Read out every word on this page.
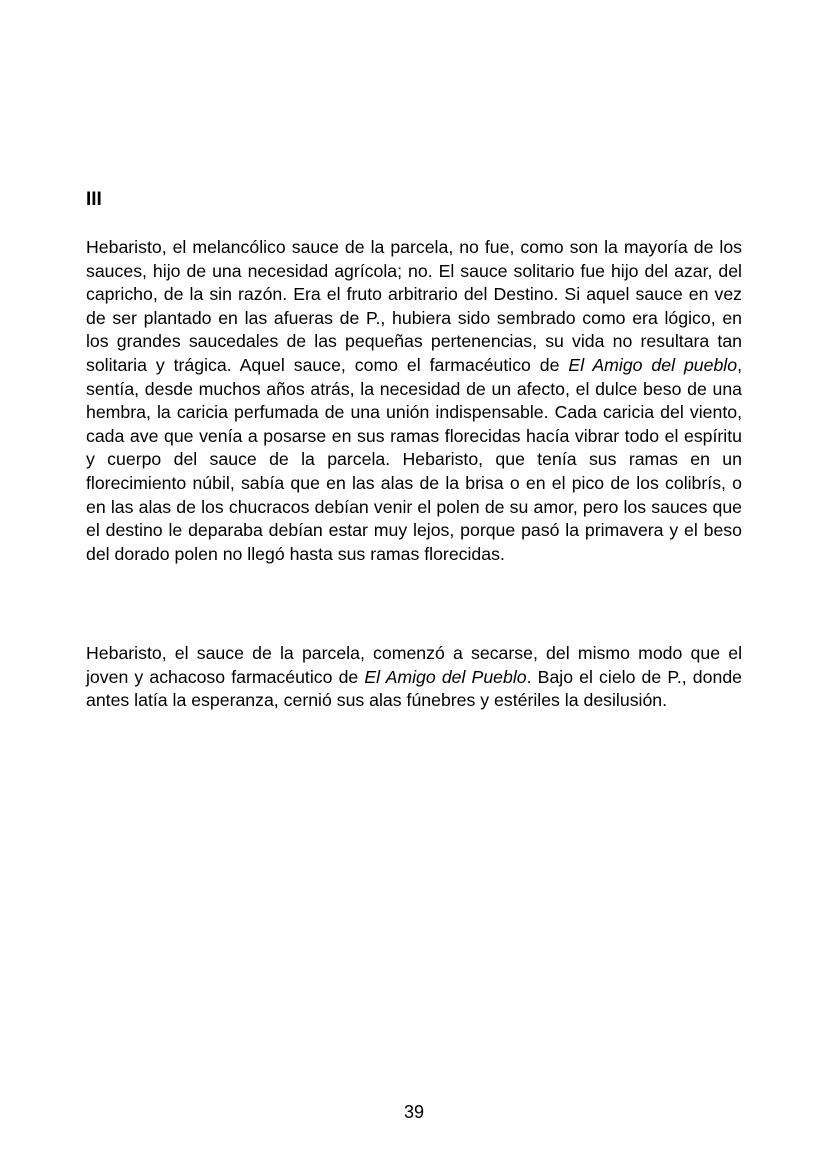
III

Hebaristo, el melancólico sauce de la parcela, no fue, como son la mayoría de los sauces, hijo de una necesidad agrícola; no. El sauce solitario fue hijo del azar, del capricho, de la sin razón. Era el fruto arbitrario del Destino. Si aquel sauce en vez de ser plantado en las afueras de P., hubiera sido sembrado como era lógico, en los grandes saucedales de las pequeñas pertenencias, su vida no resultara tan solitaria y trágica. Aquel sauce, como el farmacéutico de El Amigo del pueblo, sentía, desde muchos años atrás, la necesidad de un afecto, el dulce beso de una hembra, la caricia perfumada de una unión indispensable. Cada caricia del viento, cada ave que venía a posarse en sus ramas florecidas hacía vibrar todo el espíritu y cuerpo del sauce de la parcela. Hebaristo, que tenía sus ramas en un florecimiento núbil, sabía que en las alas de la brisa o en el pico de los colibrís, o en las alas de los chucracos debían venir el polen de su amor, pero los sauces que el destino le deparaba debían estar muy lejos, porque pasó la primavera y el beso del dorado polen no llegó hasta sus ramas florecidas.

Hebaristo, el sauce de la parcela, comenzó a secarse, del mismo modo que el joven y achacoso farmacéutico de El Amigo del Pueblo. Bajo el cielo de P., donde antes latía la esperanza, cernió sus alas fúnebres y estériles la desilusión.

39
